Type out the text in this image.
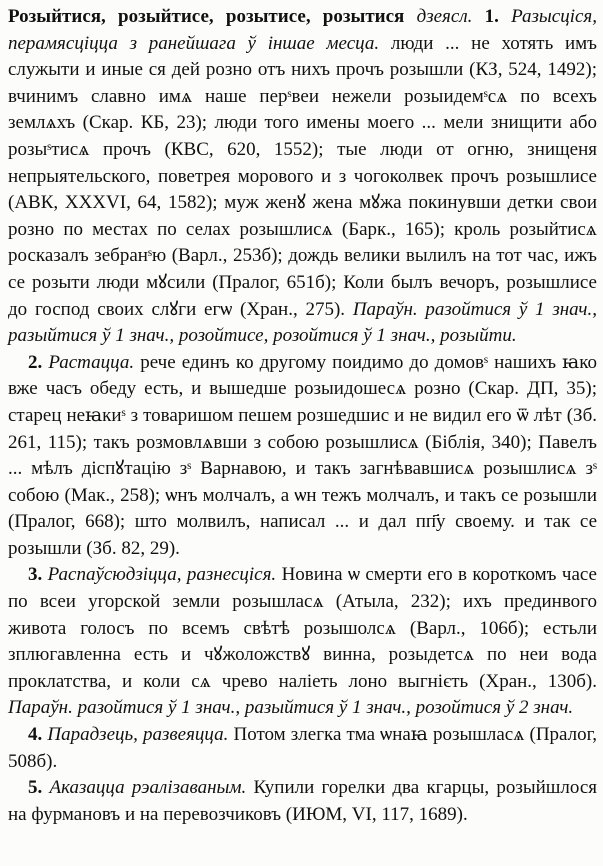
Розыйтися, розыйтисе, розытисе, розытися дзеясл. 1. Разысціся, перамясціцца з ранейшага ў іншае месца. люди ... не хотять имъ служыти и иные ся дей розно отъ нихъ прочъ розышли (КЗ, 524, 1492); вчинимъ славно имѧ наше перˢвеи нежели розыидемˢсѧ по всехъ землѧхъ (Скар. КБ, 23); люди того имены моего ... мели знищити або розыˢтисѧ прочъ (КВС, 620, 1552); тые люди от огню, знищеня непрыятельского, поветрея морового и з чогоколвек прочъ розышлисе (АВК, XXXVI, 64, 1582); муж женꙋ жена мꙋжа покинувши детки свои розно по местах по селах розышлисѧ (Барк., 165); кроль розыйтисѧ росказалъ зебранˢю (Варл., 253б); дождь велики вылилъ на тот час, ижъ се розыти люди мꙋсили (Пралог, 651б); Коли былъ вечоръ, розышлисе до господ своих слꙋги егѡ (Хран., 275). Параўн. разойтися ў 1 знач., разыйтися ў 1 знач., розойтисе, розойтися ў 1 знач., розыйти.

2. Растацца. рече единъ ко другому поидимо до домовˢ нашихъ ꙗко вже часъ обеду есть, и вышедше розыидошесѧ розно (Скар. ДП, 35); старец неꙗкиˢ з товаришом пешем розшедшис и не видил его ѿ лѣт (Зб. 261, 115); такъ розмовлѧвши з собою розышлисѧ (Біблія, 340); Павелъ ... мѣлъ діспꙋтацію зˢ Варнавою, и такъ загнѣвавшисѧ розышлисѧ зˢ собою (Мак., 258); ѡнъ молчалъ, а ѡн тежъ молчалъ, и такъ се розышли (Пралог, 668); што молвилъ, написал ... и дал пп҃у своему. и так се розышли (Зб. 82, 29).

3. Распаўсюдзіцца, разнесціся. Новина ѡ смерти его в короткомъ часе по всеи угорской земли розышласѧ (Атыла, 232); ихъ прединвого живота голосъ по всемъ свѣтѣ розышолсѧ (Варл., 106б); естьли зплюгавленна есть и чꙋжоложствꙋ винна, розыдетсѧ по неи вода проклатства, и коли сѧ чрево наліеть лоно выгнієть (Хран., 130б). Параўн. разойтися ў 1 знач., разыйтися ў 1 знач., розойтися ў 2 знач.

4. Парадзець, развеяцца. Потом злегка тма ѡнаꙗ розышласѧ (Пралог, 508б).

5. Аказацца рэалізаваным. Купили горелки два кгарцы, розыйшлося на фурмановъ и на перевозчиковъ (ИЮМ, VI, 117, 1689).
